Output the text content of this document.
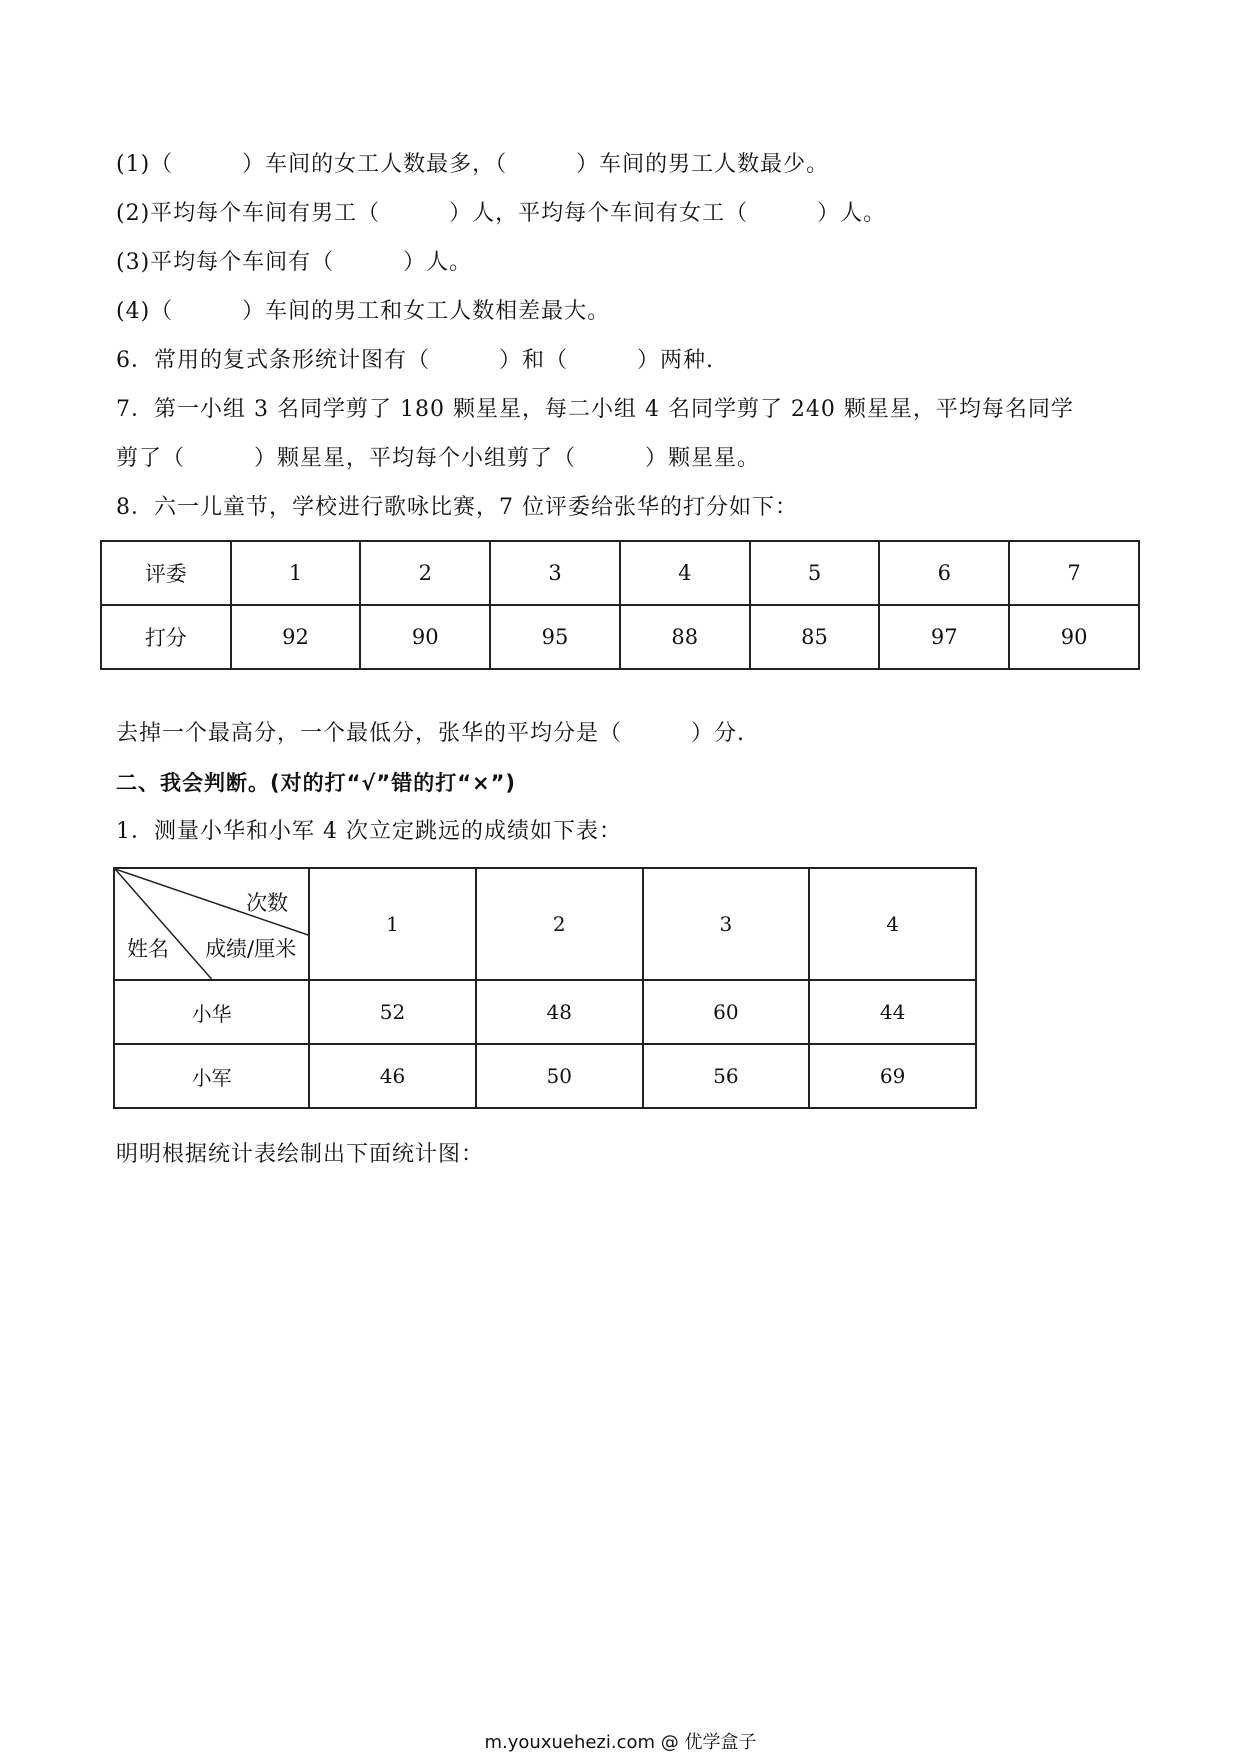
(1)（　　　）车间的女工人数最多，（　　　）车间的男工人数最少。
(2)平均每个车间有男工（　　　）人，平均每个车间有女工（　　　）人。
(3)平均每个车间有（　　　）人。
(4)（　　　）车间的男工和女工人数相差最大。
6．常用的复式条形统计图有（　　　）和（　　　）两种.
7．第一小组 3 名同学剪了 180 颗星星，每二小组 4 名同学剪了 240 颗星星，平均每名同学
剪了（　　　）颗星星，平均每个小组剪了（　　　）颗星星。
8．六一儿童节，学校进行歌咏比赛，7 位评委给张华的打分如下：
评委	1	2	3	4	5	6	7
打分	92	90	95	88	85	97	90
去掉一个最高分，一个最低分，张华的平均分是（　　　）分.
二、我会判断。(对的打“√”错的打“×”)
1．测量小华和小军 4 次立定跳远的成绩如下表：
次数
姓名 成绩/厘米	1	2	3	4
小华	52	48	60	44
小军	46	50	56	69
明明根据统计表绘制出下面统计图：
m.youxuehezi.com @ 优学盒子
